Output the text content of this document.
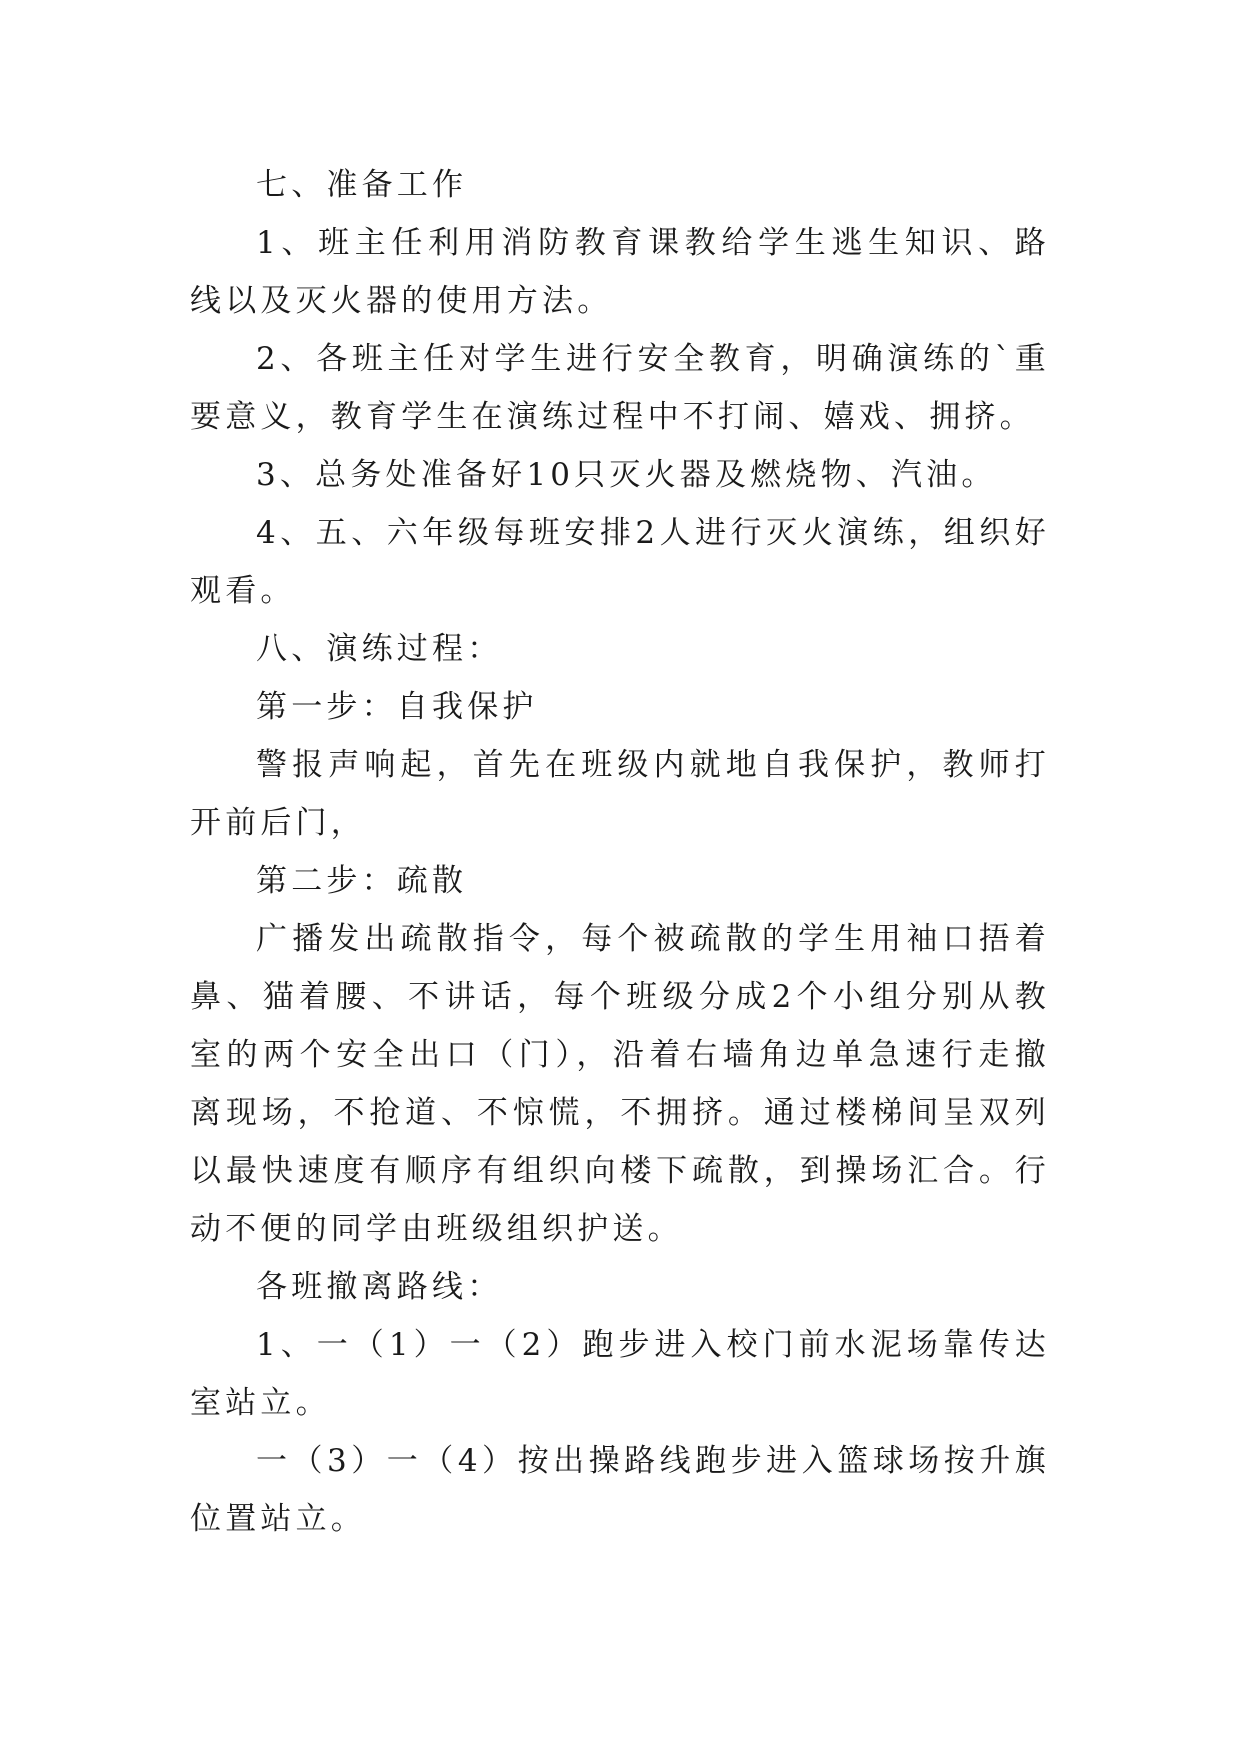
七、准备工作

1、班主任利用消防教育课教给学生逃生知识、路线以及灭火器的使用方法。

2、各班主任对学生进行安全教育，明确演练的`重要意义，教育学生在演练过程中不打闹、嬉戏、拥挤。

3、总务处准备好10只灭火器及燃烧物、汽油。

4、五、六年级每班安排2人进行灭火演练，组织好观看。

八、演练过程：

第一步：自我保护

警报声响起，首先在班级内就地自我保护，教师打开前后门，

第二步：疏散

广播发出疏散指令，每个被疏散的学生用袖口捂着鼻、猫着腰、不讲话，每个班级分成2个小组分别从教室的两个安全出口（门），沿着右墙角边单急速行走撤离现场，不抢道、不惊慌，不拥挤。通过楼梯间呈双列以最快速度有顺序有组织向楼下疏散，到操场汇合。行动不便的同学由班级组织护送。

各班撤离路线：

1、一（1）一（2）跑步进入校门前水泥场靠传达室站立。

一（3）一（4）按出操路线跑步进入篮球场按升旗位置站立。
